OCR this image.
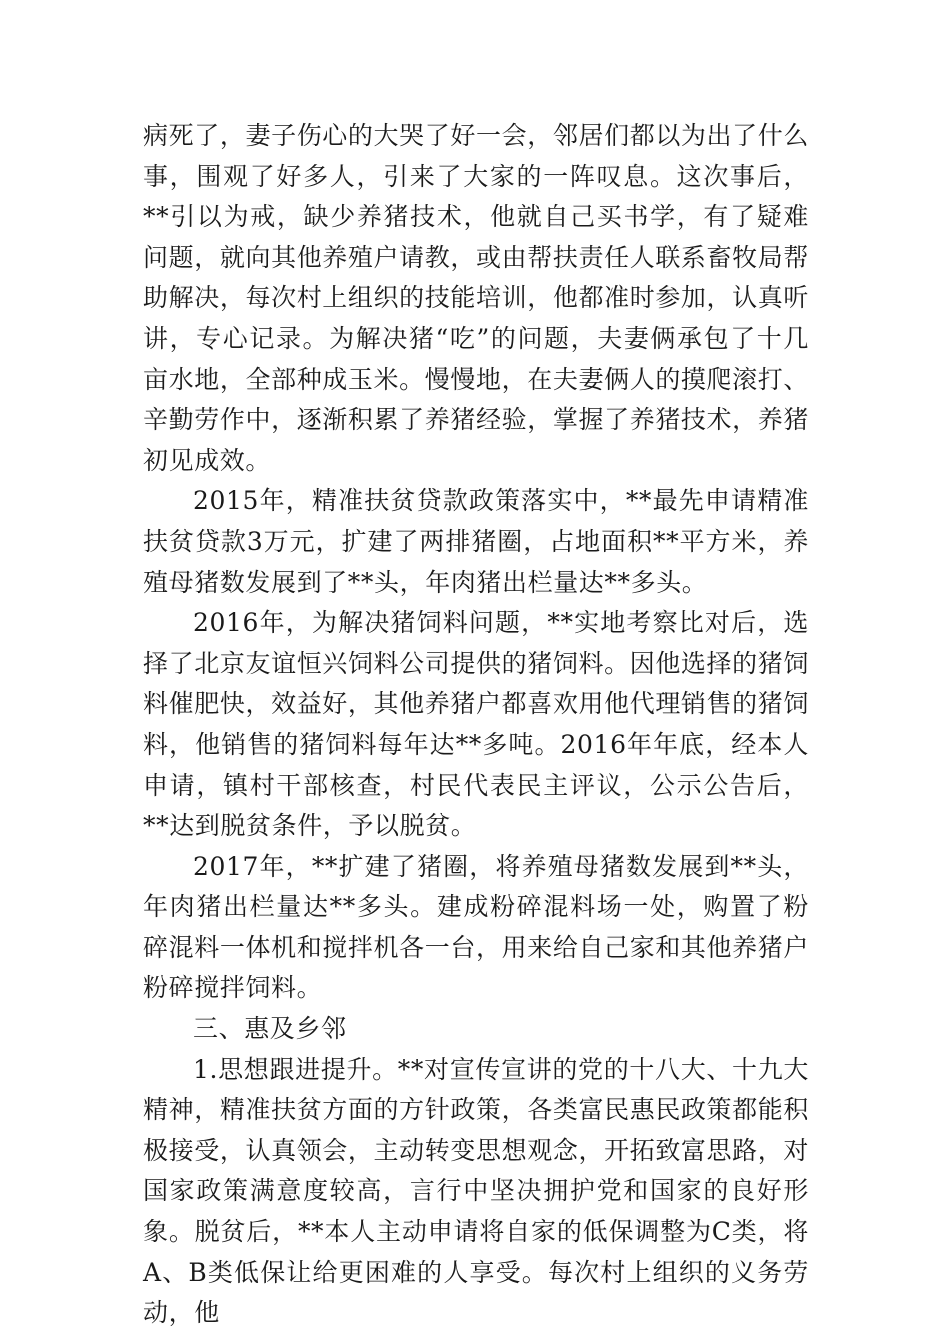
病死了，妻子伤心的大哭了好一会，邻居们都以为出了什么事，围观了好多人，引来了大家的一阵叹息。这次事后，**引以为戒，缺少养猪技术，他就自己买书学，有了疑难问题，就向其他养殖户请教，或由帮扶责任人联系畜牧局帮助解决，每次村上组织的技能培训，他都准时参加，认真听讲，专心记录。为解决猪“吃”的问题，夫妻俩承包了十几亩水地，全部种成玉米。慢慢地，在夫妻俩人的摸爬滚打、辛勤劳作中，逐渐积累了养猪经验，掌握了养猪技术，养猪初见成效。

2015年，精准扶贫贷款政策落实中，**最先申请精准扶贫贷款3万元，扩建了两排猪圈，占地面积**平方米，养殖母猪数发展到了**头，年肉猪出栏量达**多头。

2016年，为解决猪饲料问题，**实地考察比对后，选择了北京友谊恒兴饲料公司提供的猪饲料。因他选择的猪饲料催肥快，效益好，其他养猪户都喜欢用他代理销售的猪饲料，他销售的猪饲料每年达**多吨。2016年年底，经本人申请，镇村干部核查，村民代表民主评议，公示公告后，**达到脱贫条件，予以脱贫。

2017年，**扩建了猪圈，将养殖母猪数发展到**头，年肉猪出栏量达**多头。建成粉碎混料场一处，购置了粉碎混料一体机和搅拌机各一台，用来给自己家和其他养猪户粉碎搅拌饲料。

三、惠及乡邻

1.思想跟进提升。**对宣传宣讲的党的十八大、十九大精神，精准扶贫方面的方针政策，各类富民惠民政策都能积极接受，认真领会，主动转变思想观念，开拓致富思路，对国家政策满意度较高，言行中坚决拥护党和国家的良好形象。脱贫后，**本人主动申请将自家的低保调整为C类，将A、B类低保让给更困难的人享受。每次村上组织的义务劳动，他
